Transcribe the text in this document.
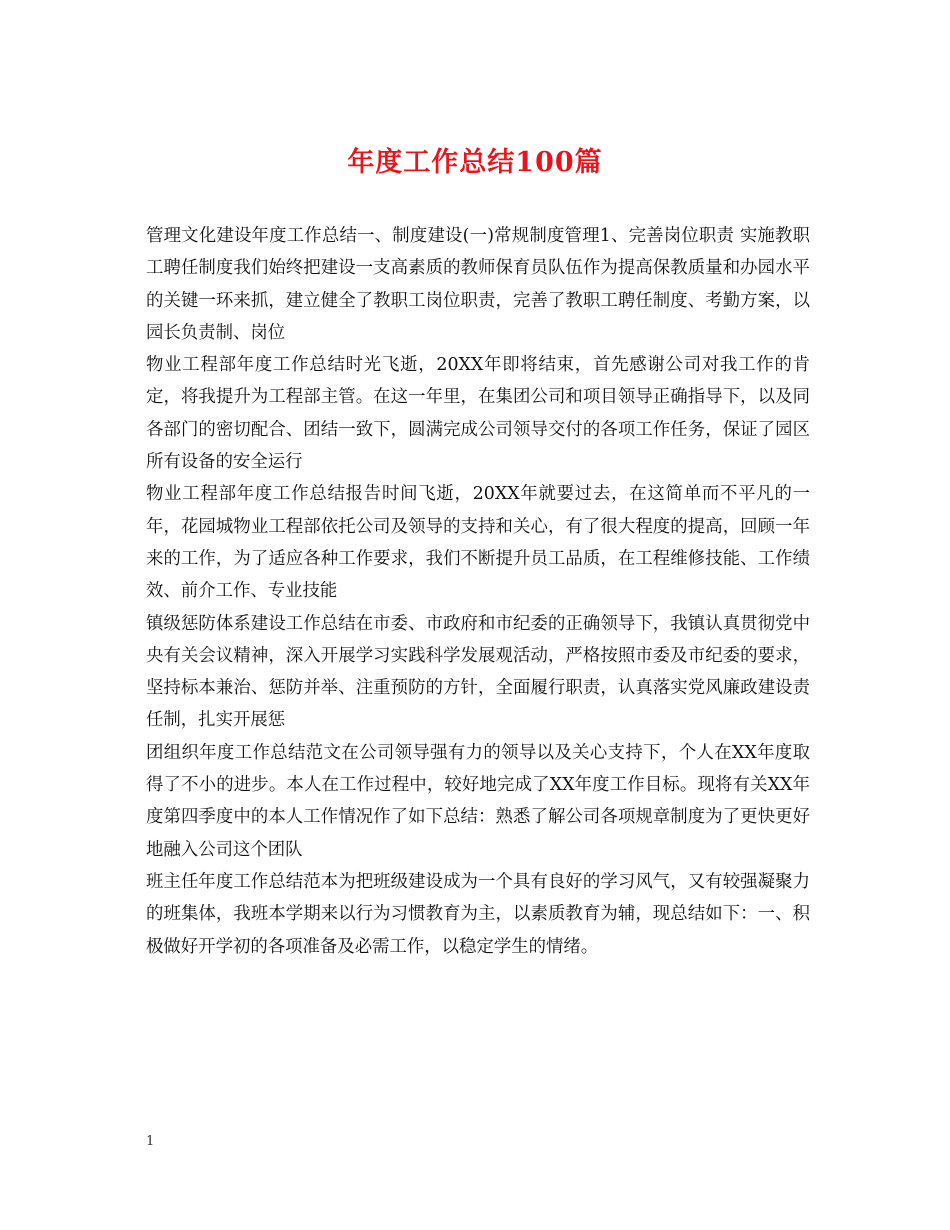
年度工作总结100篇

管理文化建设年度工作总结一、制度建设(一)常规制度管理1、完善岗位职责 实施教职工聘任制度我们始终把建设一支高素质的教师保育员队伍作为提高保教质量和办园水平的关键一环来抓，建立健全了教职工岗位职责，完善了教职工聘任制度、考勤方案，以园长负责制、岗位

物业工程部年度工作总结时光飞逝，20XX年即将结束，首先感谢公司对我工作的肯定，将我提升为工程部主管。在这一年里，在集团公司和项目领导正确指导下，以及同各部门的密切配合、团结一致下，圆满完成公司领导交付的各项工作任务，保证了园区所有设备的安全运行

物业工程部年度工作总结报告时间飞逝，20XX年就要过去，在这简单而不平凡的一年，花园城物业工程部依托公司及领导的支持和关心，有了很大程度的提高，回顾一年来的工作，为了适应各种工作要求，我们不断提升员工品质，在工程维修技能、工作绩效、前介工作、专业技能

镇级惩防体系建设工作总结在市委、市政府和市纪委的正确领导下，我镇认真贯彻党中央有关会议精神，深入开展学习实践科学发展观活动，严格按照市委及市纪委的要求，坚持标本兼治、惩防并举、注重预防的方针，全面履行职责，认真落实党风廉政建设责任制，扎实开展惩

团组织年度工作总结范文在公司领导强有力的领导以及关心支持下，个人在XX年度取得了不小的进步。本人在工作过程中，较好地完成了XX年度工作目标。现将有关XX年度第四季度中的本人工作情况作了如下总结：熟悉了解公司各项规章制度为了更快更好地融入公司这个团队

班主任年度工作总结范本为把班级建设成为一个具有良好的学习风气，又有较强凝聚力的班集体，我班本学期来以行为习惯教育为主，以素质教育为辅，现总结如下：一、积极做好开学初的各项准备及必需工作，以稳定学生的情绪。

1
